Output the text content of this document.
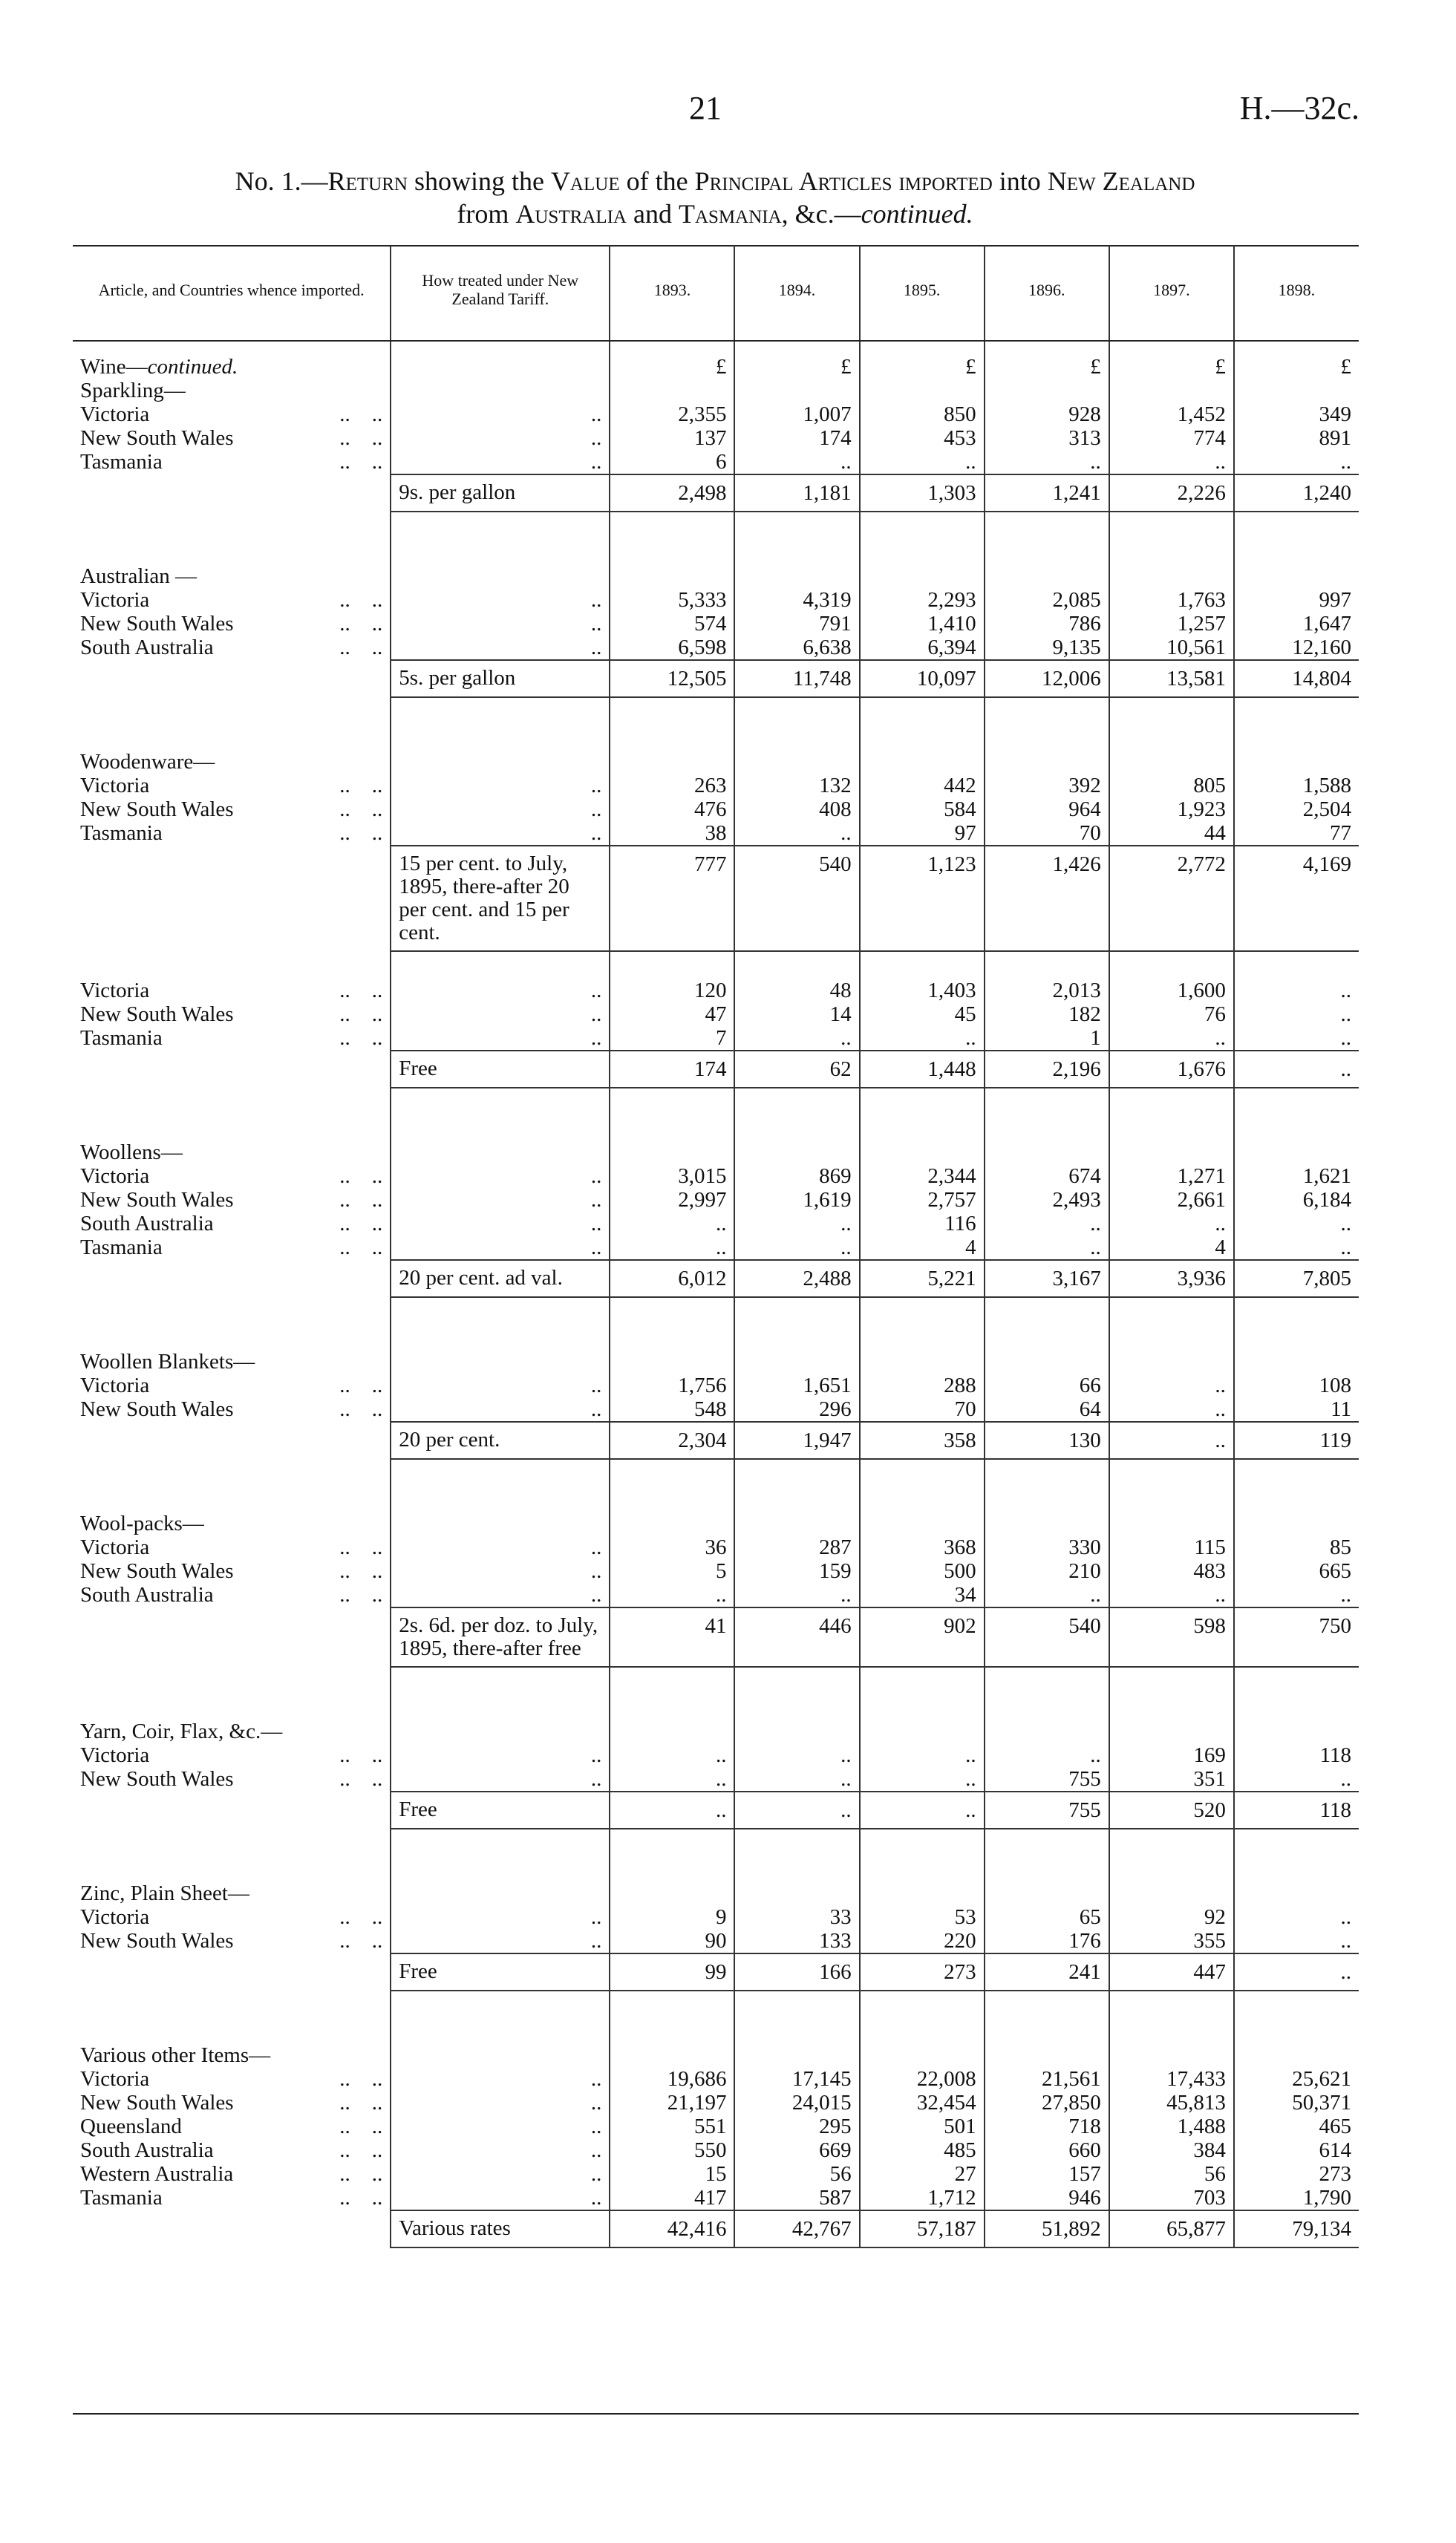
21	H.—32c.
No. 1.—Return showing the Value of the Principal Articles imported into New Zealand
from Australia and Tasmania, &c.—continued.
Article, and Countries whence imported.	How treated under New Zealand Tariff.	1893.	1894.	1895.	1896.	1897.	1898.
Wine—continued.		£	£	£	£	£	£
Sparkling—							
Victoria .. ..	..	2,355	1,007	850	928	1,452	349
New South Wales .. ..	..	137	174	453	313	774	891
Tasmania .. ..	..	6	..	..	..	..	..
	9s. per gallon	2,498	1,181	1,303	1,241	2,226	1,240

Australian —							
Victoria .. ..	..	5,333	4,319	2,293	2,085	1,763	997
New South Wales .. ..	..	574	791	1,410	786	1,257	1,647
South Australia .. ..	..	6,598	6,638	6,394	9,135	10,561	12,160
	5s. per gallon	12,505	11,748	10,097	12,006	13,581	14,804

Woodenware—							
Victoria .. ..	..	263	132	442	392	805	1,588
New South Wales .. ..	..	476	408	584	964	1,923	2,504
Tasmania .. ..	..	38	..	97	70	44	77
	15 per cent. to July, 1895, there-after 20 per cent. and 15 per cent.	777	540	1,123	1,426	2,772	4,169

Victoria .. ..	..	120	48	1,403	2,013	1,600	..
New South Wales .. ..	..	47	14	45	182	76	..
Tasmania .. ..	..	7	..	..	1	..	..
	Free	174	62	1,448	2,196	1,676	..

Woollens—							
Victoria .. ..	..	3,015	869	2,344	674	1,271	1,621
New South Wales .. ..	..	2,997	1,619	2,757	2,493	2,661	6,184
South Australia .. ..	..	..	..	116	..	..	..
Tasmania .. ..	..	..	..	4	..	4	..
	20 per cent. ad val.	6,012	2,488	5,221	3,167	3,936	7,805

Woollen Blankets—							
Victoria .. ..	..	1,756	1,651	288	66	..	108
New South Wales .. ..	..	548	296	70	64	..	11
	20 per cent.	2,304	1,947	358	130	..	119

Wool-packs—							
Victoria .. ..	..	36	287	368	330	115	85
New South Wales .. ..	..	5	159	500	210	483	665
South Australia .. ..	..	..	..	34	..	..	..
	2s. 6d. per doz. to July, 1895, there-after free	41	446	902	540	598	750

Yarn, Coir, Flax, &c.—							
Victoria .. ..	..	..	..	..	..	169	118
New South Wales .. ..	..	..	..	..	755	351	..
	Free	..	..	..	755	520	118

Zinc, Plain Sheet—							
Victoria .. ..	..	9	33	53	65	92	..
New South Wales .. ..	..	90	133	220	176	355	..
	Free	99	166	273	241	447	..

Various other Items—							
Victoria .. ..	..	19,686	17,145	22,008	21,561	17,433	25,621
New South Wales .. ..	..	21,197	24,015	32,454	27,850	45,813	50,371
Queensland .. ..	..	551	295	501	718	1,488	465
South Australia .. ..	..	550	669	485	660	384	614
Western Australia .. ..	..	15	56	27	157	56	273
Tasmania .. ..	..	417	587	1,712	946	703	1,790
	Various rates	42,416	42,767	57,187	51,892	65,877	79,134
